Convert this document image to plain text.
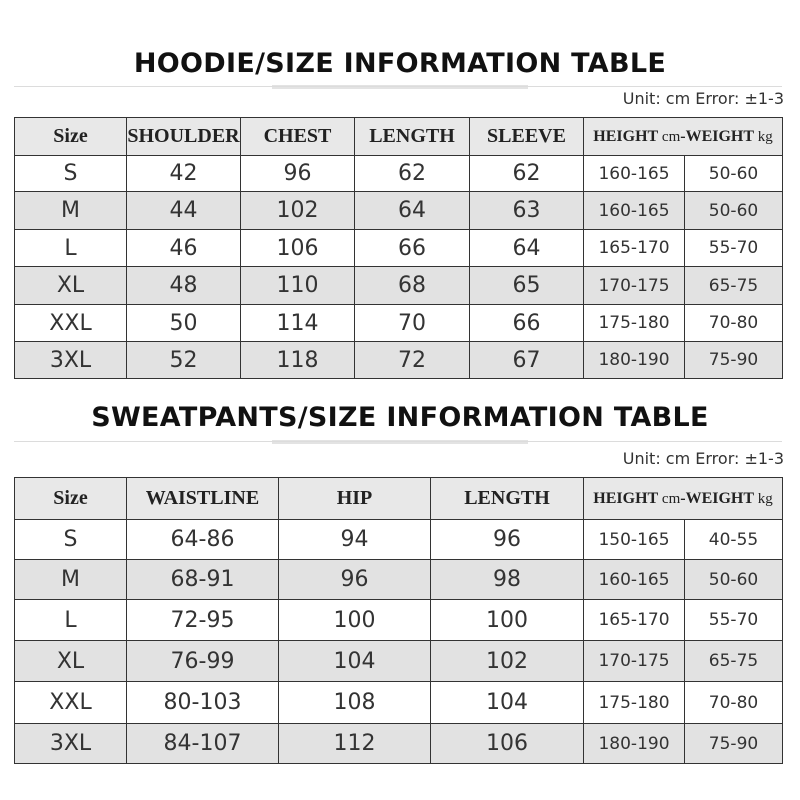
HOODIE/SIZE INFORMATION TABLE
Unit: cm Error: ±1-3
Size	SHOULDER	CHEST	LENGTH	SLEEVE	HEIGHT cm-WEIGHT kg	
S	42	96	62	62	160-165	50-60
M	44	102	64	63	160-165	50-60
L	46	106	66	64	165-170	55-70
XL	48	110	68	65	170-175	65-75
XXL	50	114	70	66	175-180	70-80
3XL	52	118	72	67	180-190	75-90
SWEATPANTS/SIZE INFORMATION TABLE
Unit: cm Error: ±1-3
Size	WAISTLINE	HIP	LENGTH	HEIGHT cm-WEIGHT kg	
S	64-86	94	96	150-165	40-55
M	68-91	96	98	160-165	50-60
L	72-95	100	100	165-170	55-70
XL	76-99	104	102	170-175	65-75
XXL	80-103	108	104	175-180	70-80
3XL	84-107	112	106	180-190	75-90
